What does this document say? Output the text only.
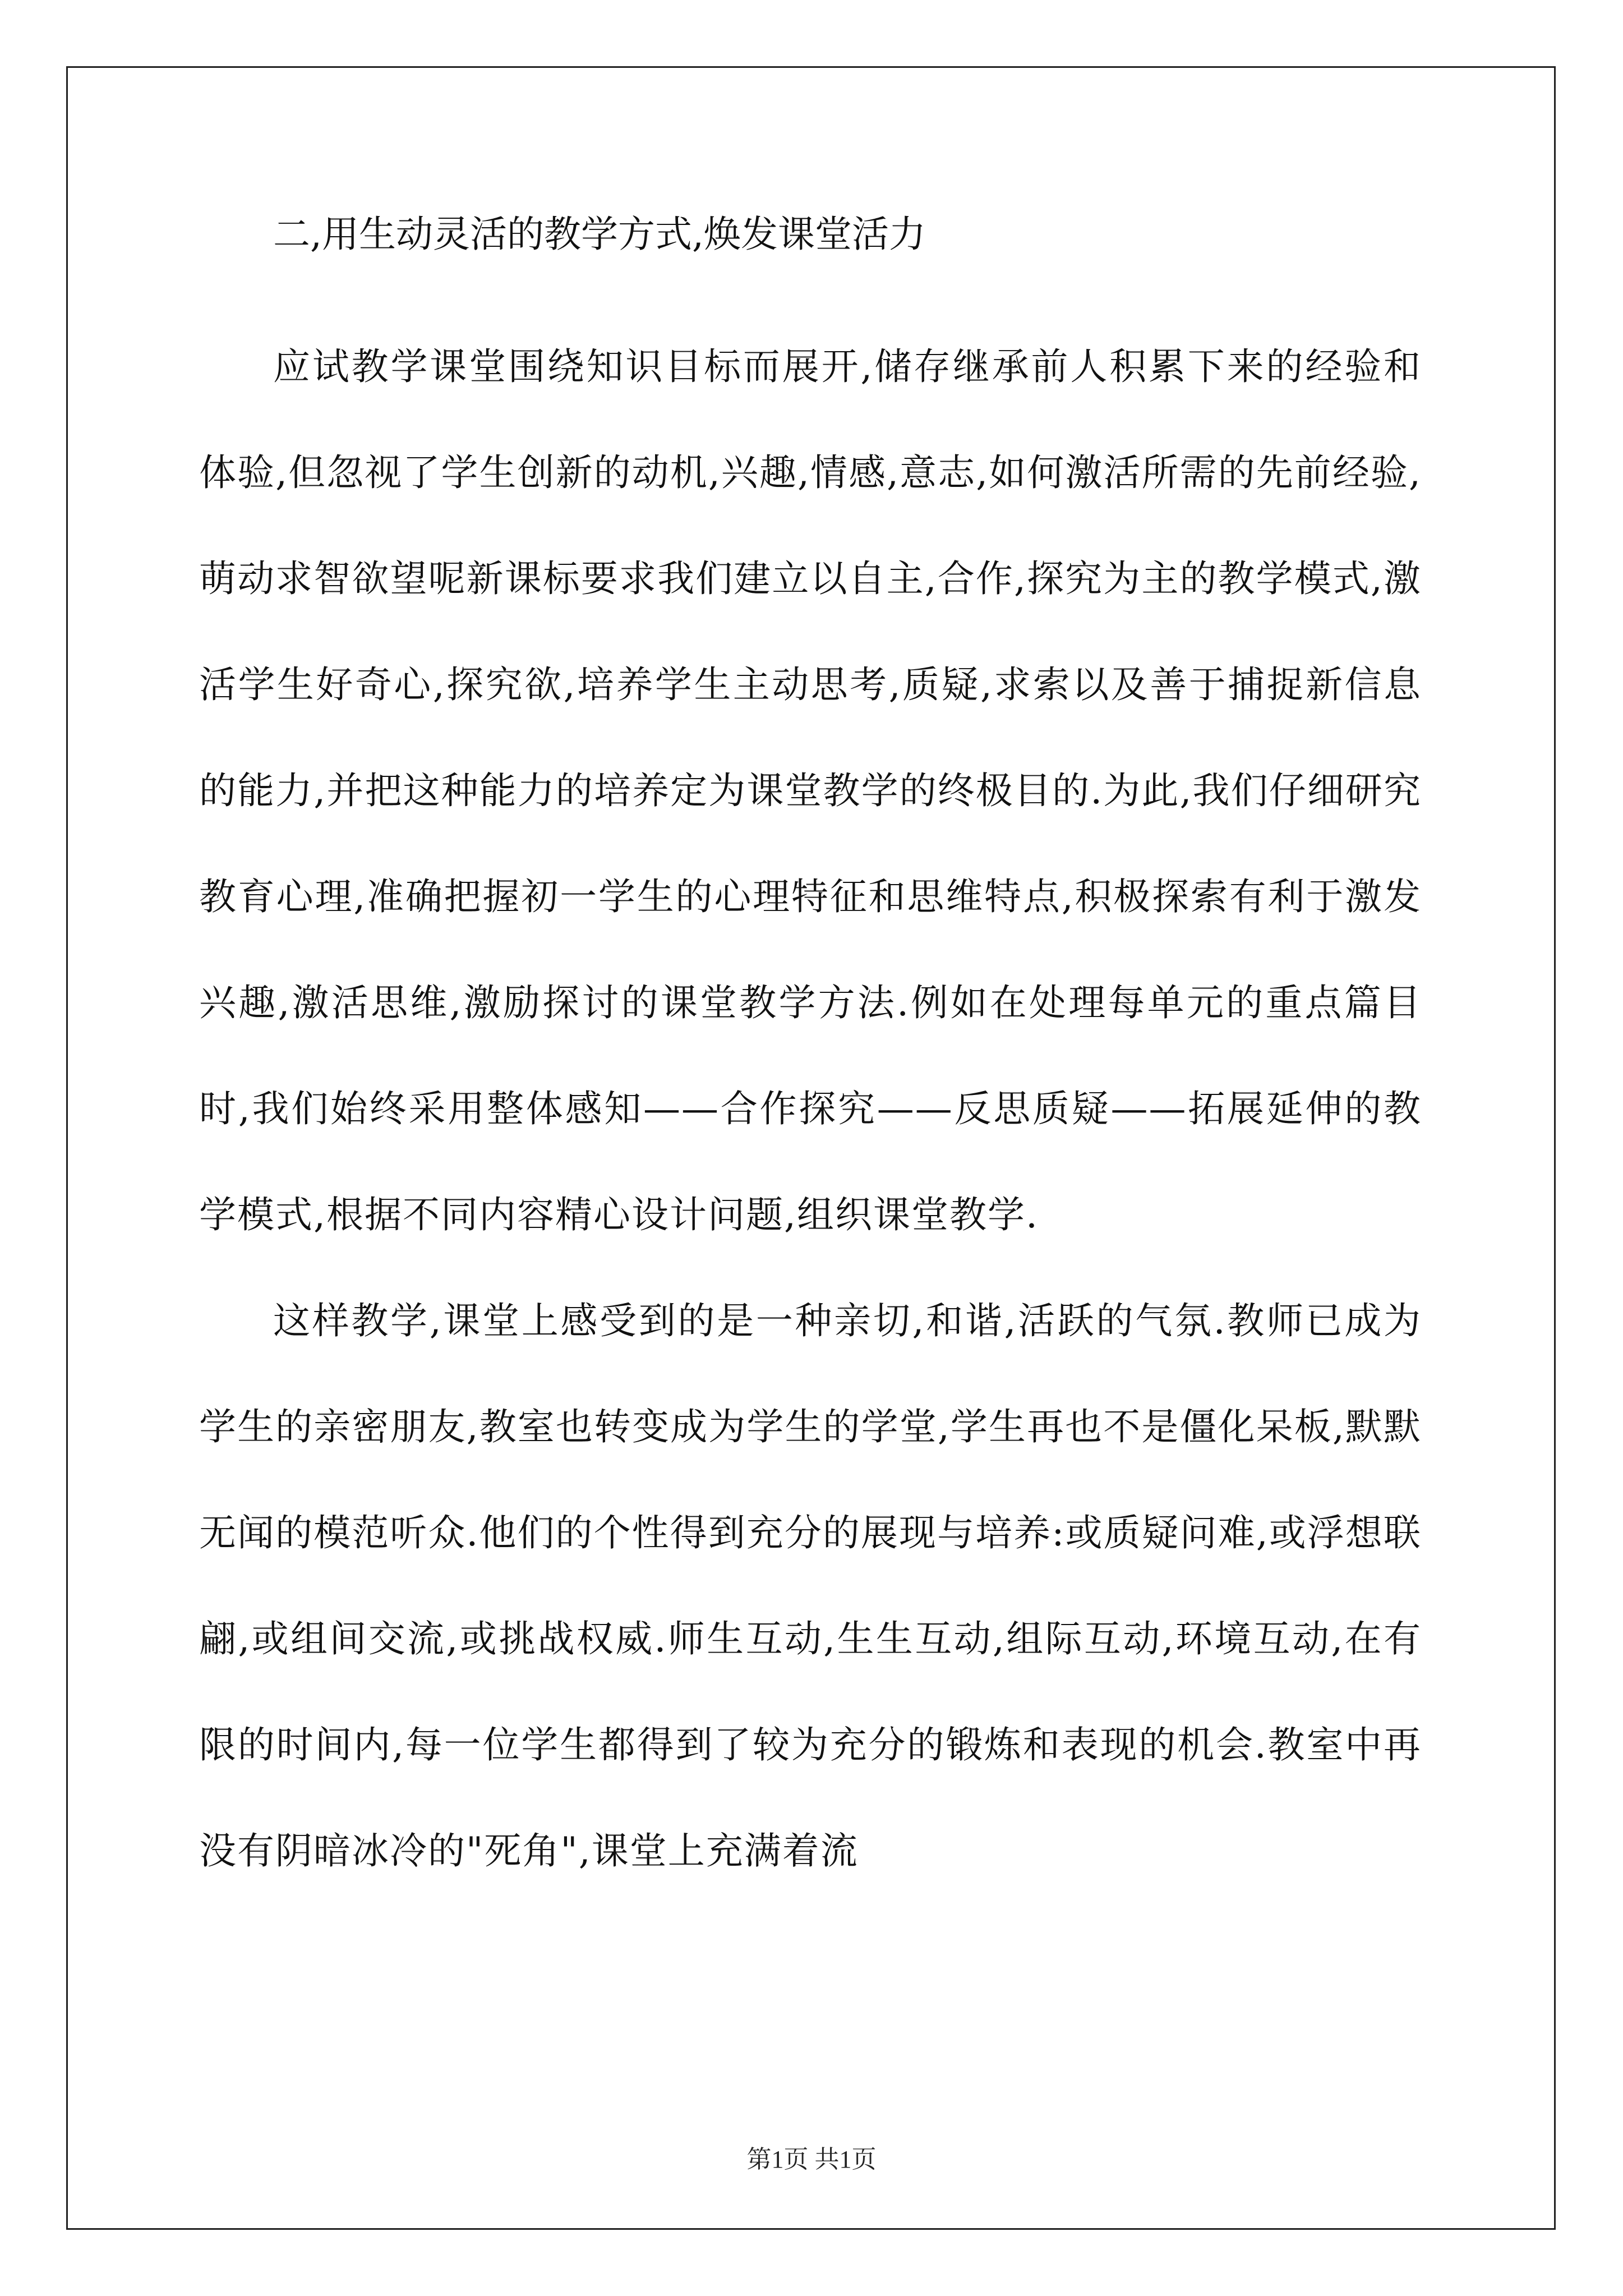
二,用生动灵活的教学方式,焕发课堂活力

应试教学课堂围绕知识目标而展开,储存继承前人积累下来的经验和体验,但忽视了学生创新的动机,兴趣,情感,意志,如何激活所需的先前经验,萌动求智欲望呢新课标要求我们建立以自主,合作,探究为主的教学模式,激活学生好奇心,探究欲,培养学生主动思考,质疑,求索以及善于捕捉新信息的能力,并把这种能力的培养定为课堂教学的终极目的.为此,我们仔细研究教育心理,准确把握初一学生的心理特征和思维特点,积极探索有利于激发兴趣,激活思维,激励探讨的课堂教学方法.例如在处理每单元的重点篇目时,我们始终采用整体感知——合作探究——反思质疑——拓展延伸的教学模式,根据不同内容精心设计问题,组织课堂教学.

这样教学,课堂上感受到的是一种亲切,和谐,活跃的气氛.教师已成为学生的亲密朋友,教室也转变成为学生的学堂,学生再也不是僵化呆板,默默无闻的模范听众.他们的个性得到充分的展现与培养:或质疑问难,或浮想联翩,或组间交流,或挑战权威.师生互动,生生互动,组际互动,环境互动,在有限的时间内,每一位学生都得到了较为充分的锻炼和表现的机会.教室中再没有阴暗冰冷的"死角",课堂上充满着流

第1页 共1页
